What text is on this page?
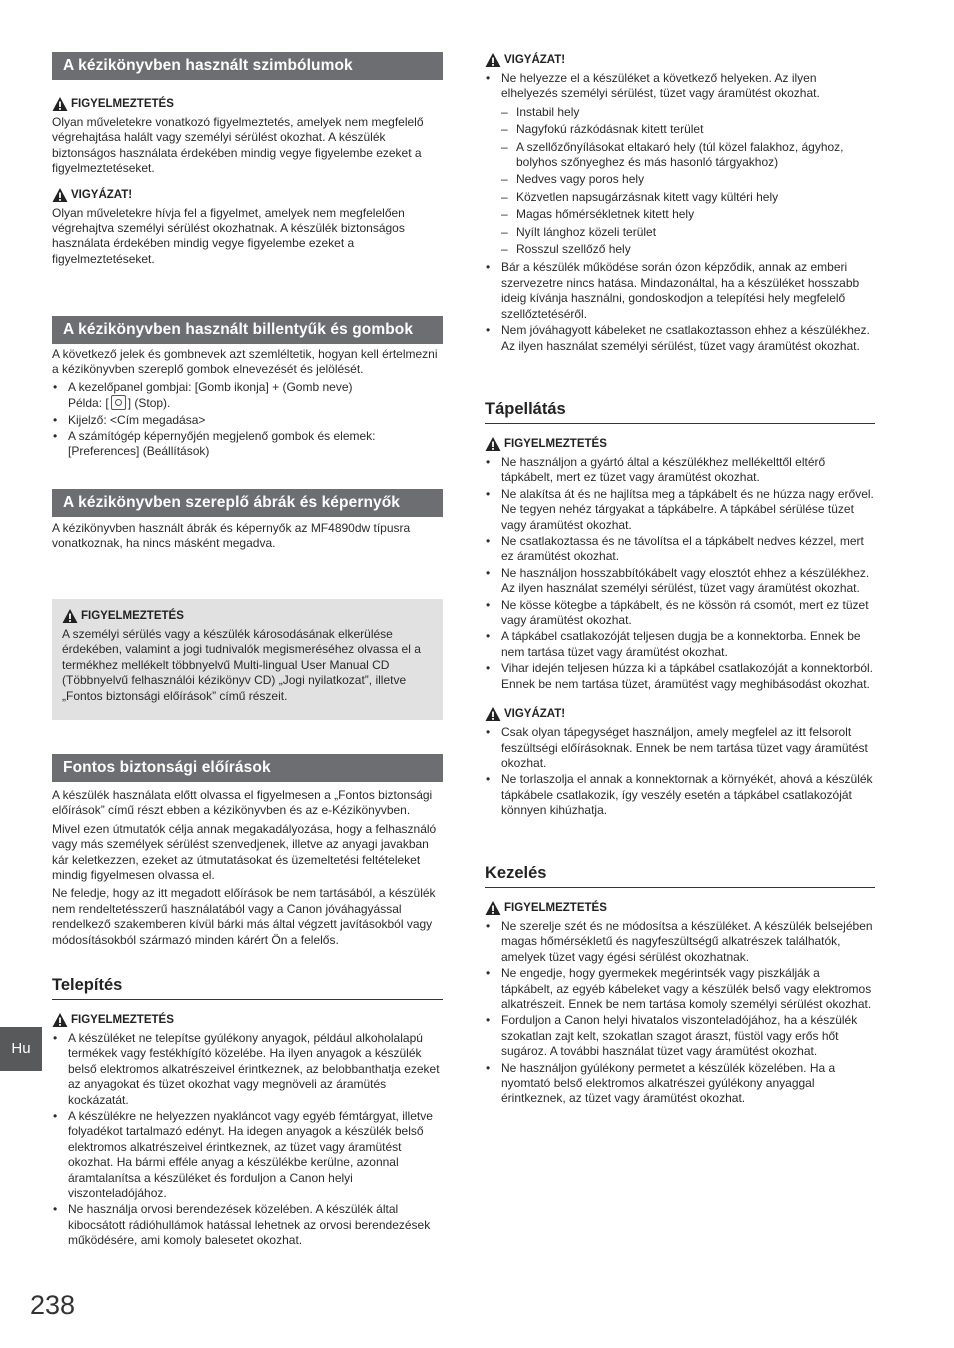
A kézikönyvben használt szimbólumok
FIGYELMEZTETÉS

Olyan műveletekre vonatkozó figyelmeztetés, amelyek nem megfelelő végrehajtása halált vagy személyi sérülést okozhat. A készülék biztonságos használata érdekében mindig vegye figyelembe ezeket a figyelmeztetéseket.

VIGYÁZAT!

Olyan műveletekre hívja fel a figyelmet, amelyek nem megfelelően végrehajtva személyi sérülést okozhatnak. A készülék biztonságos használata érdekében mindig vegye figyelembe ezeket a figyelmeztetéseket.

A kézikönyvben használt billentyűk és gombok

A következő jelek és gombnevek azt szemléltetik, hogyan kell értelmezni a kézikönyvben szereplő gombok elnevezését és jelölését.

• A kezelőpanel gombjai: [Gomb ikonja] + (Gomb neve)
Példa: [ ] (Stop).
• Kijelző: <Cím megadása>
• A számítógép képernyőjén megjelenő gombok és elemek: [Preferences] (Beállítások)
A kézikönyvben szereplő ábrák és képernyők

A kézikönyvben használt ábrák és képernyők az MF4890dw típusra vonatkoznak, ha nincs másként megadva.

FIGYELMEZTETÉS

A személyi sérülés vagy a készülék károsodásának elkerülése érdekében, valamint a jogi tudnivalók megismeréséhez olvassa el a termékhez mellékelt többnyelvű Multi-lingual User Manual CD (Többnyelvű felhasználói kézikönyv CD) „Jogi nyilatkozat”, illetve „Fontos biztonsági előírások” című részeit.

Fontos biztonsági előírások

A készülék használata előtt olvassa el figyelmesen a „Fontos biztonsági előírások” című részt ebben a kézikönyvben és az e-Kézikönyvben.

Mivel ezen útmutatók célja annak megakadályozása, hogy a felhasználó vagy más személyek sérülést szenvedjenek, illetve az anyagi javakban kár keletkezzen, ezeket az útmutatásokat és üzemeltetési feltételeket mindig figyelmesen olvassa el.

Ne feledje, hogy az itt megadott előírások be nem tartásából, a készülék nem rendeltetésszerű használatából vagy a Canon jóváhagyással rendelkező szakemberen kívül bárki más által végzett javításokból vagy módosításokból származó minden kárért Ön a felelős.

Telepítés
FIGYELMEZTETÉS
• A készüléket ne telepítse gyúlékony anyagok, például alkoholalapú termékek vagy festékhígító közelébe. Ha ilyen anyagok a készülék belső elektromos alkatrészeivel érintkeznek, az belobbanthatja ezeket az anyagokat és tüzet okozhat vagy megnöveli az áramütés kockázatát.
• A készülékre ne helyezzen nyakláncot vagy egyéb fémtárgyat, illetve folyadékot tartalmazó edényt. Ha idegen anyagok a készülék belső elektromos alkatrészeivel érintkeznek, az tüzet vagy áramütést okozhat. Ha bármi efféle anyag a készülékbe kerülne, azonnal áramtalanítsa a készüléket és forduljon a Canon helyi viszonteladójához.
• Ne használja orvosi berendezések közelében. A készülék által kibocsátott rádióhullámok hatással lehetnek az orvosi berendezések működésére, ami komoly balesetet okozhat.
VIGYÁZAT!
• Ne helyezze el a készüléket a következő helyeken. Az ilyen elhelyezés személyi sérülést, tüzet vagy áramütést okozhat.
– Instabil hely
– Nagyfokú rázkódásnak kitett terület
– A szellőzőnyílásokat eltakaró hely (túl közel falakhoz, ágyhoz, bolyhos szőnyeghez és más hasonló tárgyakhoz)
– Nedves vagy poros hely
– Közvetlen napsugárzásnak kitett vagy kültéri hely
– Magas hőmérsékletnek kitett hely
– Nyílt lánghoz közeli terület
– Rosszul szellőző hely
• Bár a készülék működése során ózon képződik, annak az emberi szervezetre nincs hatása. Mindazonáltal, ha a készüléket hosszabb ideig kívánja használni, gondoskodjon a telepítési hely megfelelő szellőztetéséről.
• Nem jóváhagyott kábeleket ne csatlakoztasson ehhez a készülékhez. Az ilyen használat személyi sérülést, tüzet vagy áramütést okozhat.
Tápellátás
FIGYELMEZTETÉS
• Ne használjon a gyártó által a készülékhez mellékelttől eltérő tápkábelt, mert ez tüzet vagy áramütést okozhat.
• Ne alakítsa át és ne hajlítsa meg a tápkábelt és ne húzza nagy erővel. Ne tegyen nehéz tárgyakat a tápkábelre. A tápkábel sérülése tüzet vagy áramütést okozhat.
• Ne csatlakoztassa és ne távolítsa el a tápkábelt nedves kézzel, mert ez áramütést okozhat.
• Ne használjon hosszabbítókábelt vagy elosztót ehhez a készülékhez. Az ilyen használat személyi sérülést, tüzet vagy áramütést okozhat.
• Ne kösse kötegbe a tápkábelt, és ne kössön rá csomót, mert ez tüzet vagy áramütést okozhat.
• A tápkábel csatlakozóját teljesen dugja be a konnektorba. Ennek be nem tartása tüzet vagy áramütést okozhat.
• Vihar idején teljesen húzza ki a tápkábel csatlakozóját a konnektorból. Ennek be nem tartása tüzet, áramütést vagy meghibásodást okozhat.
VIGYÁZAT!
• Csak olyan tápegységet használjon, amely megfelel az itt felsorolt feszültségi előírásoknak. Ennek be nem tartása tüzet vagy áramütést okozhat.
• Ne torlaszolja el annak a konnektornak a környékét, ahová a készülék tápkábele csatlakozik, így veszély esetén a tápkábel csatlakozóját könnyen kihúzhatja.
Kezelés
FIGYELMEZTETÉS
• Ne szerelje szét és ne módosítsa a készüléket. A készülék belsejében magas hőmérsékletű és nagyfeszültségű alkatrészek találhatók, amelyek tüzet vagy égési sérülést okozhatnak.
• Ne engedje, hogy gyermekek megérintsék vagy piszkálják a tápkábelt, az egyéb kábeleket vagy a készülék belső vagy elektromos alkatrészeit. Ennek be nem tartása komoly személyi sérülést okozhat.
• Forduljon a Canon helyi hivatalos viszonteladójához, ha a készülék szokatlan zajt kelt, szokatlan szagot áraszt, füstöl vagy erős hőt sugároz. A további használat tüzet vagy áramütést okozhat.
• Ne használjon gyúlékony permetet a készülék közelében. Ha a nyomtató belső elektromos alkatrészei gyúlékony anyaggal érintkeznek, az tüzet vagy áramütést okozhat.
Hu
238
